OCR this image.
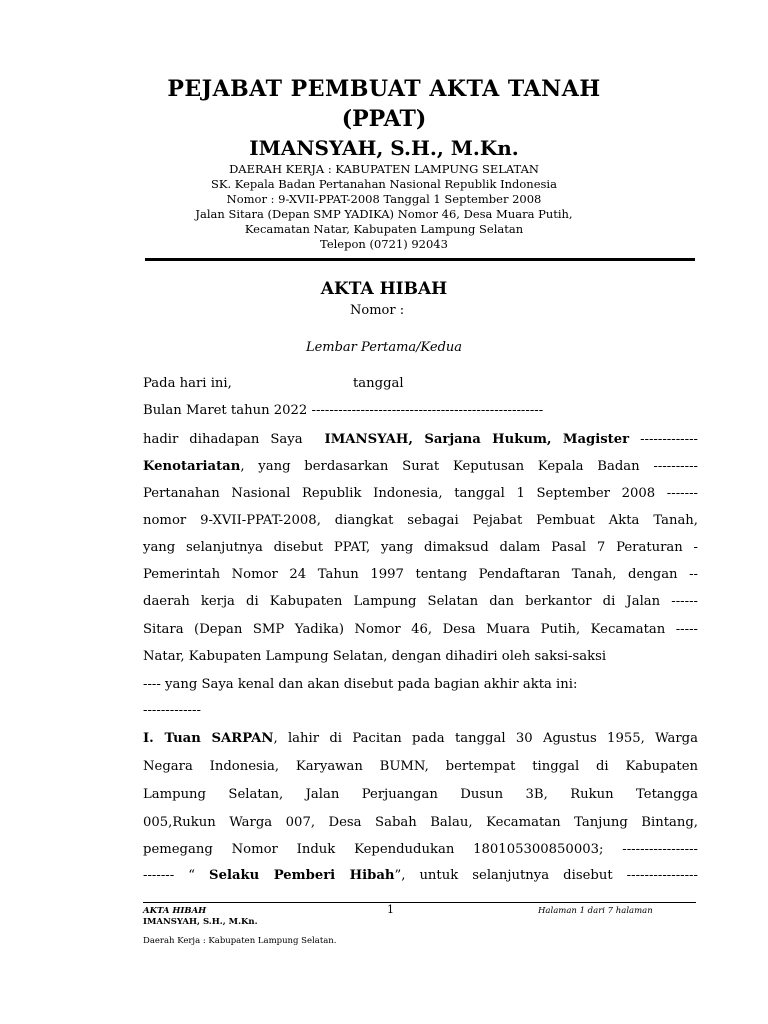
PEJABAT PEMBUAT AKTA TANAH
(PPAT)
IMANSYAH, S.H., M.Kn.
DAERAH KERJA : KABUPATEN LAMPUNG SELATAN
SK. Kepala Badan Pertanahan Nasional Republik Indonesia
Nomor : 9-XVII-PPAT-2008 Tanggal 1 September 2008
Jalan Sitara (Depan SMP YADIKA) Nomor 46, Desa Muara Putih,
Kecamatan Natar, Kabupaten Lampung Selatan
Telepon (0721) 92043
AKTA HIBAH
Nomor :
Lembar Pertama/Kedua
Pada hari ini,	tanggal
Bulan Maret tahun 2022 ----------------------------------------------------
hadir dihadapan Saya  IMANSYAH, Sarjana Hukum, Magister -------------
Kenotariatan, yang berdasarkan Surat Keputusan Kepala Badan ----------
Pertanahan Nasional Republik Indonesia, tanggal 1 September 2008 -------
nomor 9-XVII-PPAT-2008, diangkat sebagai Pejabat Pembuat Akta Tanah,
yang selanjutnya disebut PPAT, yang dimaksud dalam Pasal 7 Peraturan -
Pemerintah Nomor 24 Tahun 1997 tentang Pendaftaran Tanah, dengan --
daerah kerja di Kabupaten Lampung Selatan dan berkantor di Jalan ------
Sitara (Depan SMP Yadika) Nomor 46, Desa Muara Putih, Kecamatan -----
Natar, Kabupaten Lampung Selatan, dengan dihadiri oleh saksi-saksi
---- yang Saya kenal dan akan disebut pada bagian akhir akta ini:
-------------
I. Tuan SARPAN, lahir di Pacitan pada tanggal 30 Agustus 1955, Warga
Negara Indonesia, Karyawan BUMN, bertempat tinggal di Kabupaten
Lampung Selatan, Jalan Perjuangan Dusun 3B, Rukun Tetangga
005,Rukun Warga 007, Desa Sabah Balau, Kecamatan Tanjung Bintang,
pemegang Nomor Induk Kependudukan 180105300850003; -----------------
------- “ Selaku Pemberi Hibah”, untuk selanjutnya disebut ----------------
AKTA HIBAH
IMANSYAH, S.H., M.Kn.
1	Halaman 1 dari 7 halaman
Daerah Kerja : Kabupaten Lampung Selatan.
